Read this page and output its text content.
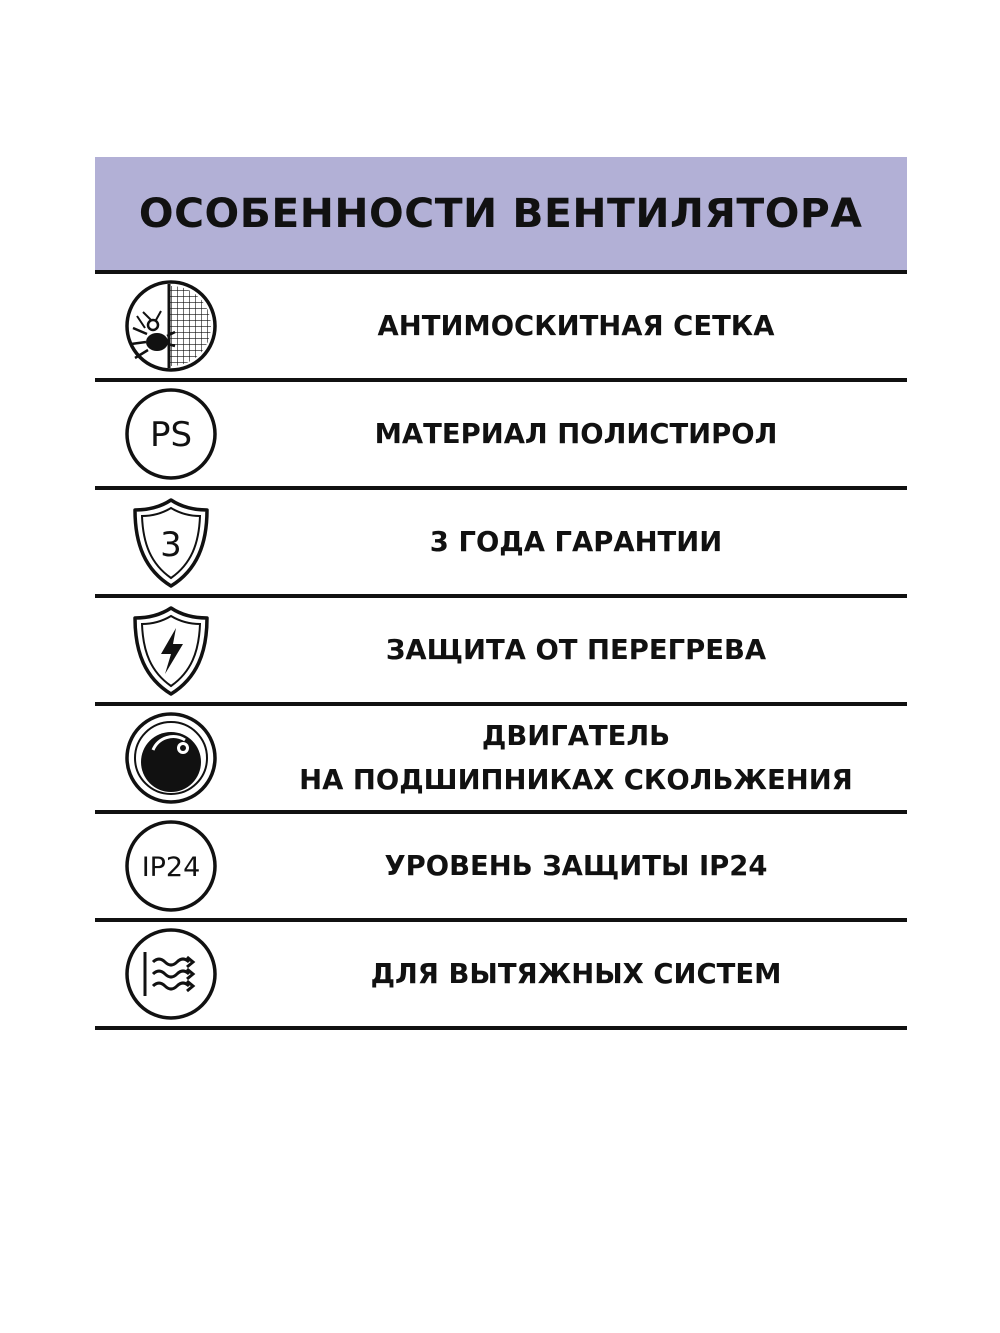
ОСОБЕННОСТИ ВЕНТИЛЯТОРА
АНТИМОСКИТНАЯ СЕТКА
PS	МАТЕРИАЛ ПОЛИСТИРОЛ
3	3 ГОДА ГАРАНТИИ
ЗАЩИТА ОТ ПЕРЕГРЕВА
ДВИГАТЕЛЬ
НА ПОДШИПНИКАХ СКОЛЬЖЕНИЯ
IP24	УРОВЕНЬ ЗАЩИТЫ IP24
ДЛЯ ВЫТЯЖНЫХ СИСТЕМ
